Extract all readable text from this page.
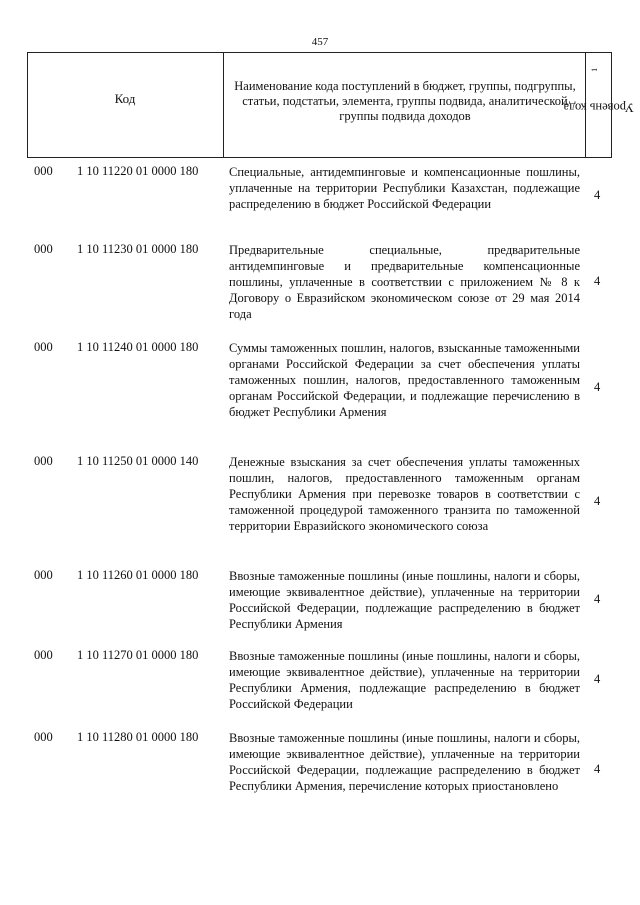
457
Код
Наименование кода поступлений в бюджет, группы, подгруппы, статьи, подстатьи, элемента, группы подвида, аналитической группы подвида доходов
Уровень кода$^1$
000 1 10 11220 01 0000 180 Специальные, антидемпинговые и компенсационные пошлины, уплаченные на территории Республики Казахстан, подлежащие распределению в бюджет Российской Федерации
4
000 1 10 11230 01 0000 180 Предварительные специальные, предварительные антидемпинговые и предварительные компенсационные пошлины, уплаченные в соответствии с приложением № 8 к Договору о Евразийском экономическом союзе от 29 мая 2014 года
4
000 1 10 11240 01 0000 180 Суммы таможенных пошлин, налогов, взысканные таможенными органами Российской Федерации за счет обеспечения уплаты таможенных пошлин, налогов, предоставленного таможенным органам Российской Федерации, и подлежащие перечислению в бюджет Республики Армения
4
000 1 10 11250 01 0000 140 Денежные взыскания за счет обеспечения уплаты таможенных пошлин, налогов, предоставленного таможенным органам Республики Армения при перевозке товаров в соответствии с таможенной процедурой таможенного транзита по таможенной территории Евразийского экономического союза
4
000 1 10 11260 01 0000 180 Ввозные таможенные пошлины (иные пошлины, налоги и сборы, имеющие эквивалентное действие), уплаченные на территории Российской Федерации, подлежащие распределению в бюджет Республики Армения
4
000 1 10 11270 01 0000 180 Ввозные таможенные пошлины (иные пошлины, налоги и сборы, имеющие эквивалентное действие), уплаченные на территории Республики Армения, подлежащие распределению в бюджет Российской Федерации
4
000 1 10 11280 01 0000 180 Ввозные таможенные пошлины (иные пошлины, налоги и сборы, имеющие эквивалентное действие), уплаченные на территории Российской Федерации, подлежащие распределению в бюджет Республики Армения, перечисление которых приостановлено
4
